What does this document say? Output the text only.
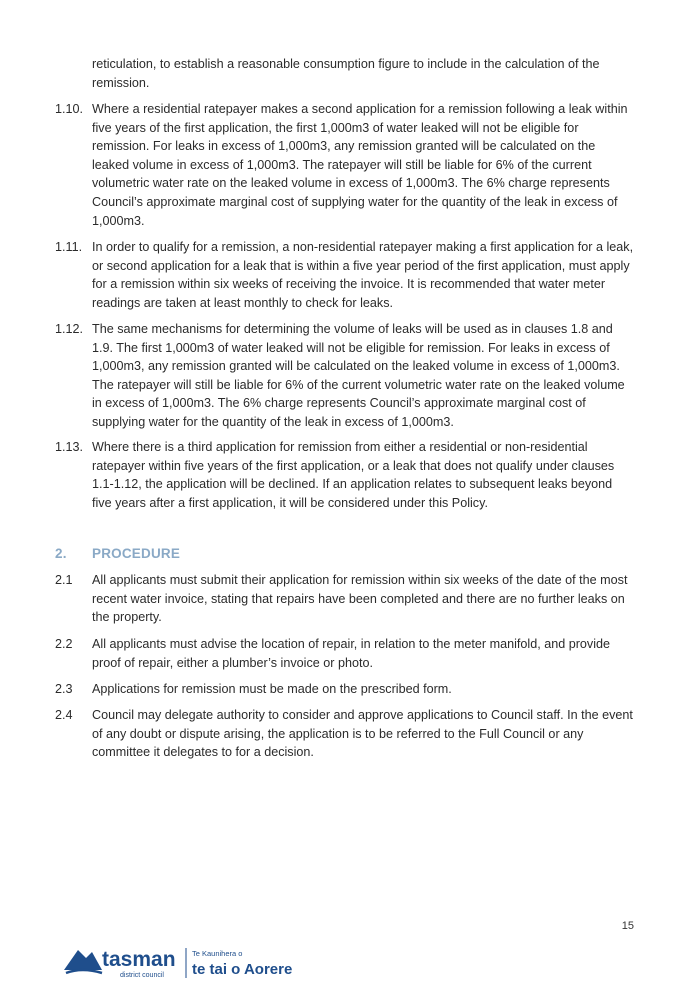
reticulation, to establish a reasonable consumption figure to include in the calculation of the remission.
1.10. Where a residential ratepayer makes a second application for a remission following a leak within five years of the first application, the first 1,000m3 of water leaked will not be eligible for remission. For leaks in excess of 1,000m3, any remission granted will be calculated on the leaked volume in excess of 1,000m3. The ratepayer will still be liable for 6% of the current volumetric water rate on the leaked volume in excess of 1,000m3. The 6% charge represents Council’s approximate marginal cost of supplying water for the quantity of the leak in excess of 1,000m3.
1.11. In order to qualify for a remission, a non-residential ratepayer making a first application for a leak, or second application for a leak that is within a five year period of the first application, must apply for a remission within six weeks of receiving the invoice. It is recommended that water meter readings are taken at least monthly to check for leaks.
1.12. The same mechanisms for determining the volume of leaks will be used as in clauses 1.8 and 1.9. The first 1,000m3 of water leaked will not be eligible for remission. For leaks in excess of 1,000m3, any remission granted will be calculated on the leaked volume in excess of 1,000m3. The ratepayer will still be liable for 6% of the current volumetric water rate on the leaked volume in excess of 1,000m3. The 6% charge represents Council’s approximate marginal cost of supplying water for the quantity of the leak in excess of 1,000m3.
1.13. Where there is a third application for remission from either a residential or non-residential ratepayer within five years of the first application, or a leak that does not qualify under clauses 1.1-1.12, the application will be declined. If an application relates to subsequent leaks beyond five years after a first application, it will be considered under this Policy.
2. PROCEDURE
2.1	All applicants must submit their application for remission within six weeks of the date of the most recent water invoice, stating that repairs have been completed and there are no further leaks on the property.
2.2	All applicants must advise the location of repair, in relation to the meter manifold, and provide proof of repair, either a plumber’s invoice or photo.
2.3	Applications for remission must be made on the prescribed form.
2.4	Council may delegate authority to consider and approve applications to Council staff. In the event of any doubt or dispute arising, the application is to be referred to the Full Council or any committee it delegates to for a decision.
15
tasman
district council
Te Kaunihera o
te tai o Aorere
